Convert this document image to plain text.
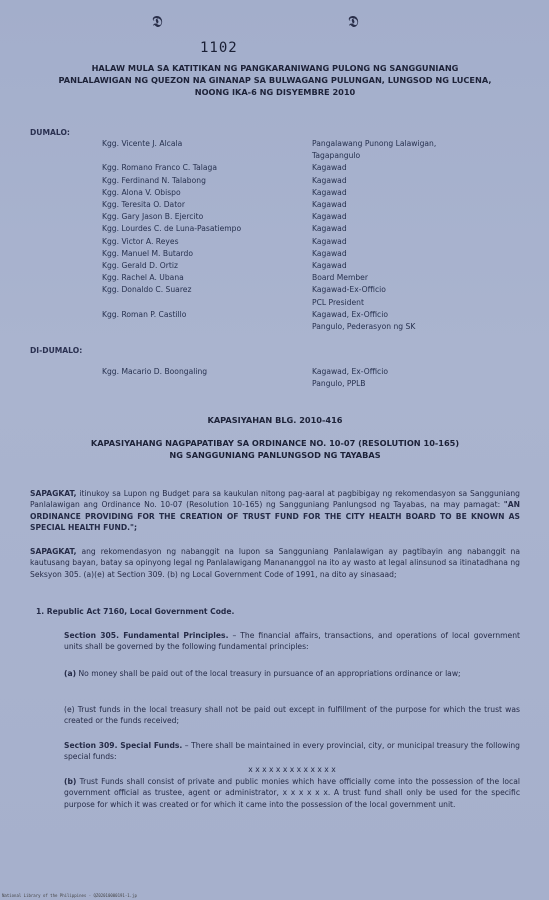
𝕯	𝕯
1102
HALAW MULA SA KATITIKAN NG PANGKARANIWANG PULONG NG SANGGUNIANG
PANLALAWIGAN NG QUEZON NA GINANAP SA BULWAGANG PULUNGAN, LUNGSOD NG LUCENA,
NOONG IKA-6 NG DISYEMBRE 2010
DUMALO:
Kgg. Vicente J. Alcala	Pangalawang Punong Lalawigan,
Tagapangulo
Kgg. Romano Franco C. Talaga	Kagawad
Kgg. Ferdinand N. Talabong	Kagawad
Kgg. Alona V. Obispo	Kagawad
Kgg. Teresita O. Dator	Kagawad
Kgg. Gary Jason B. Ejercito	Kagawad
Kgg. Lourdes C. de Luna-Pasatiempo	Kagawad
Kgg. Victor A. Reyes	Kagawad
Kgg. Manuel M. Butardo	Kagawad
Kgg. Gerald D. Ortiz	Kagawad
Kgg. Rachel A. Ubana	Board Member
Kgg. Donaldo C. Suarez	Kagawad-Ex-Officio
PCL President
Kgg. Roman P. Castillo	Kagawad, Ex-Officio
Pangulo, Pederasyon ng SK
DI-DUMALO:
Kgg. Macario D. Boongaling	Kagawad, Ex-Officio
Pangulo, PPLB
KAPASIYAHAN BLG. 2010-416
KAPASIYAHANG NAGPAPATIBAY SA ORDINANCE NO. 10-07 (RESOLUTION 10-165)
NG SANGGUNIANG PANLUNGSOD NG TAYABAS
SAPAGKAT, itinukoy sa Lupon ng Budget para sa kaukulan nitong pag-aaral at pagbibigay ng rekomendasyon sa Sangguniang Panlalawigan ang Ordinance No. 10-07 (Resolution 10-165) ng Sangguniang Panlungsod ng Tayabas, na may pamagat: "AN ORDINANCE PROVIDING FOR THE CREATION OF TRUST FUND FOR THE CITY HEALTH BOARD TO BE KNOWN AS SPECIAL HEALTH FUND.";
SAPAGKAT, ang rekomendasyon ng nabanggit na lupon sa Sangguniang Panlalawigan ay pagtibayin ang nabanggit na kautusang bayan, batay sa opinyong legal ng Panlalawigang Manananggol na ito ay wasto at legal alinsunod sa itinatadhana ng Seksyon 305. (a)(e) at Section 309. (b) ng Local Government Code of 1991, na dito ay sinasaad;
1. Republic Act 7160, Local Government Code.
Section 305. Fundamental Principles. – The financial affairs, transactions, and operations of local government units shall be governed by the following fundamental principles:
(a) No money shall be paid out of the local treasury in pursuance of an appropriations ordinance or law;
(e) Trust funds in the local treasury shall not be paid out except in fulfillment of the purpose for which the trust was created or the funds received;
Section 309. Special Funds. – There shall be maintained in every provincial, city, or municipal treasury the following special funds:
x x x x x x x x x x x x x
(b) Trust Funds shall consist of private and public monies which have officially come into the possession of the local government official as trustee, agent or administrator, x x x x x x. A trust fund shall only be used for the specific purpose for which it was created or for which it came into the possession of the local government unit.
National Library of the Philippines · QZ02010000191-1.jp
